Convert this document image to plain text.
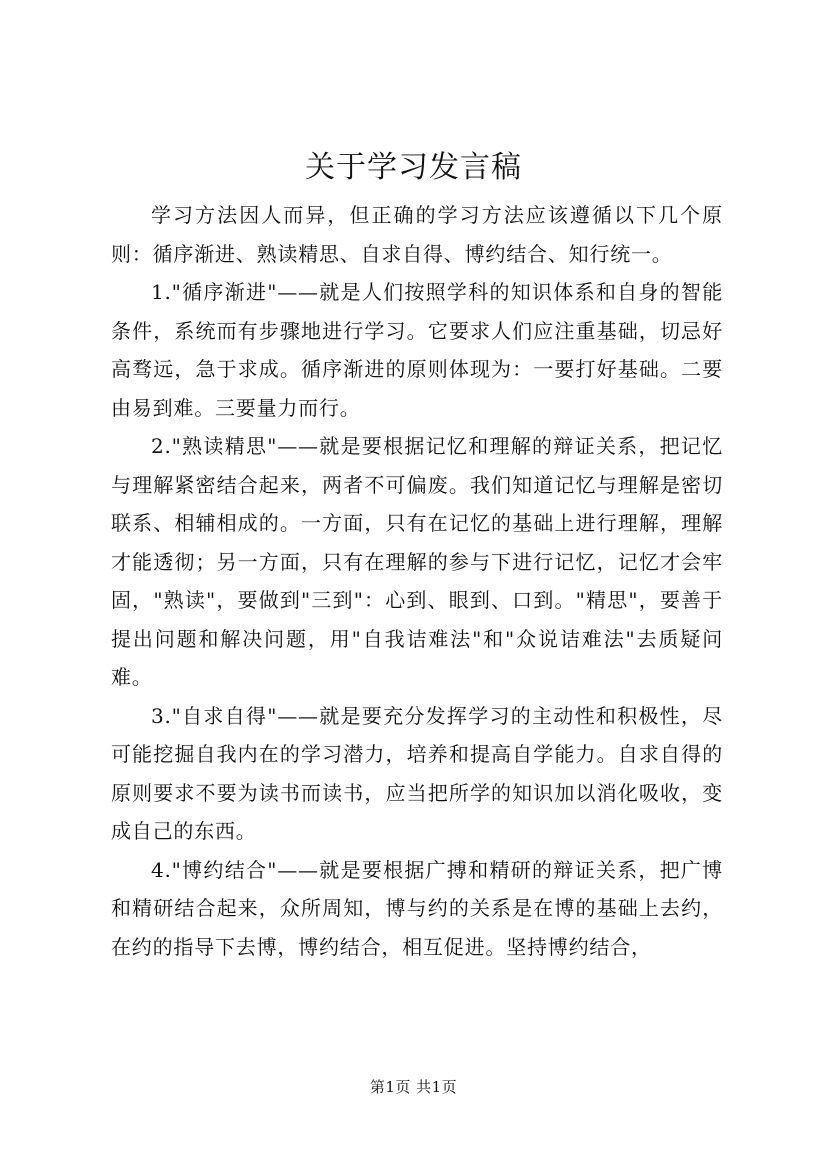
关于学习发言稿

学习方法因人而异，但正确的学习方法应该遵循以下几个原则：循序渐进、熟读精思、自求自得、博约结合、知行统一。

1."循序渐进"——就是人们按照学科的知识体系和自身的智能条件，系统而有步骤地进行学习。它要求人们应注重基础，切忌好高骛远，急于求成。循序渐进的原则体现为：一要打好基础。二要由易到难。三要量力而行。

2."熟读精思"——就是要根据记忆和理解的辩证关系，把记忆与理解紧密结合起来，两者不可偏废。我们知道记忆与理解是密切联系、相辅相成的。一方面，只有在记忆的基础上进行理解，理解才能透彻；另一方面，只有在理解的参与下进行记忆，记忆才会牢固，"熟读"，要做到"三到"：心到、眼到、口到。"精思"，要善于提出问题和解决问题，用"自我诘难法"和"众说诘难法"去质疑问难。

3."自求自得"——就是要充分发挥学习的主动性和积极性，尽可能挖掘自我内在的学习潜力，培养和提高自学能力。自求自得的原则要求不要为读书而读书，应当把所学的知识加以消化吸收，变成自己的东西。

4."博约结合"——就是要根据广搏和精研的辩证关系，把广博和精研结合起来，众所周知，博与约的关系是在博的基础上去约，在约的指导下去博，博约结合，相互促进。坚持博约结合，

第1页 共1页
